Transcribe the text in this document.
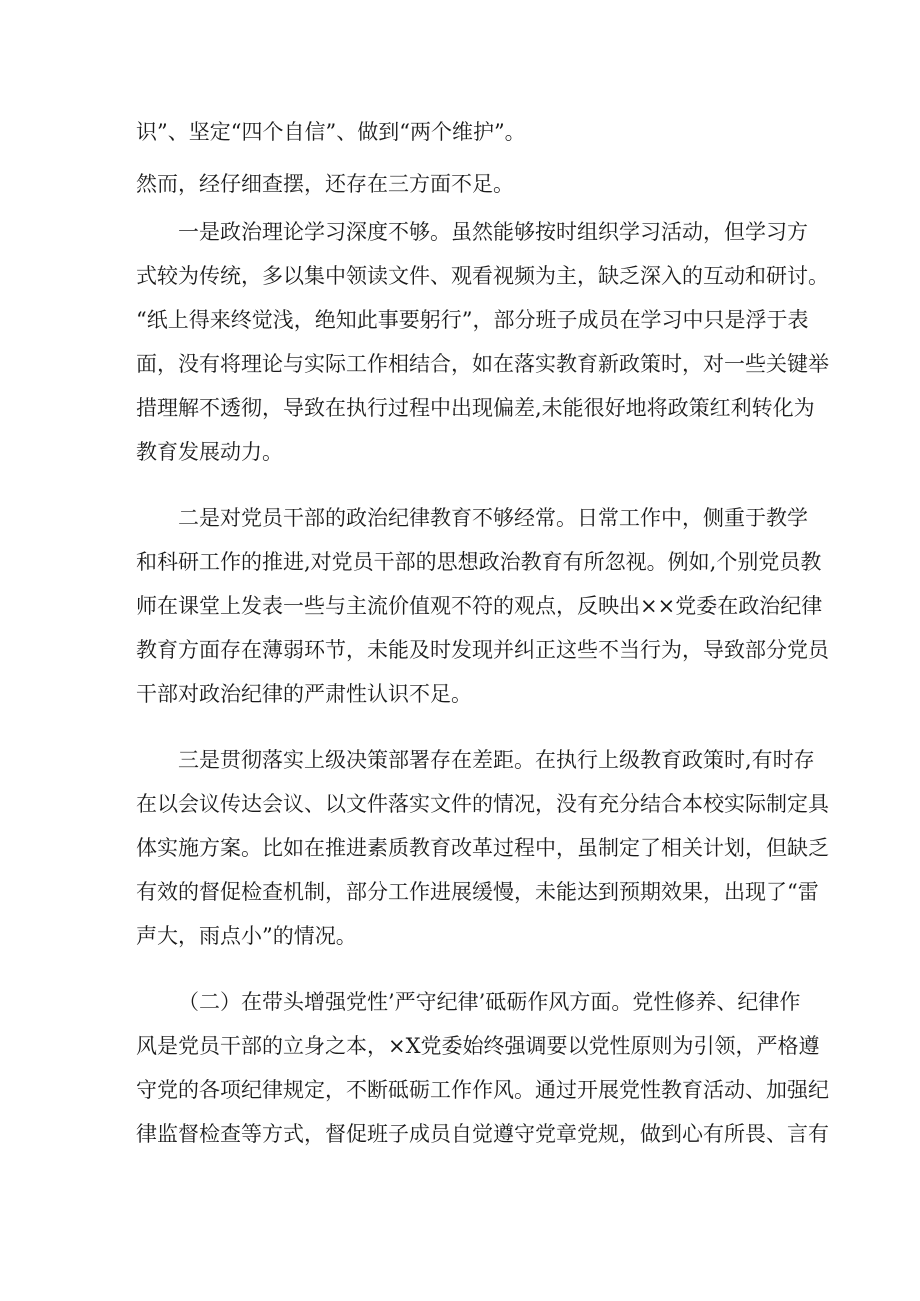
识”、坚定“四个自信”、做到“两个维护”。
然而，经仔细查摆，还存在三方面不足。
一是政治理论学习深度不够。虽然能够按时组织学习活动，但学习方
式较为传统，多以集中领读文件、观看视频为主，缺乏深入的互动和研讨。
“纸上得来终觉浅，绝知此事要躬行”，部分班子成员在学习中只是浮于表
面，没有将理论与实际工作相结合，如在落实教育新政策时，对一些关键举
措理解不透彻，导致在执行过程中出现偏差,未能很好地将政策红利转化为
教育发展动力。
二是对党员干部的政治纪律教育不够经常。日常工作中，侧重于教学
和科研工作的推进,对党员干部的思想政治教育有所忽视。例如,个别党员教
师在课堂上发表一些与主流价值观不符的观点，反映出××党委在政治纪律
教育方面存在薄弱环节，未能及时发现并纠正这些不当行为，导致部分党员
干部对政治纪律的严肃性认识不足。
三是贯彻落实上级决策部署存在差距。在执行上级教育政策时,有时存
在以会议传达会议、以文件落实文件的情况，没有充分结合本校实际制定具
体实施方案。比如在推进素质教育改革过程中，虽制定了相关计划，但缺乏
有效的督促检查机制，部分工作进展缓慢，未能达到预期效果，出现了“雷
声大，雨点小”的情况。
（二）在带头增强党性’严守纪律’砥砺作风方面。党性修养、纪律作
风是党员干部的立身之本，×X党委始终强调要以党性原则为引领，严格遵
守党的各项纪律规定，不断砥砺工作作风。通过开展党性教育活动、加强纪
律监督检查等方式，督促班子成员自觉遵守党章党规，做到心有所畏、言有
